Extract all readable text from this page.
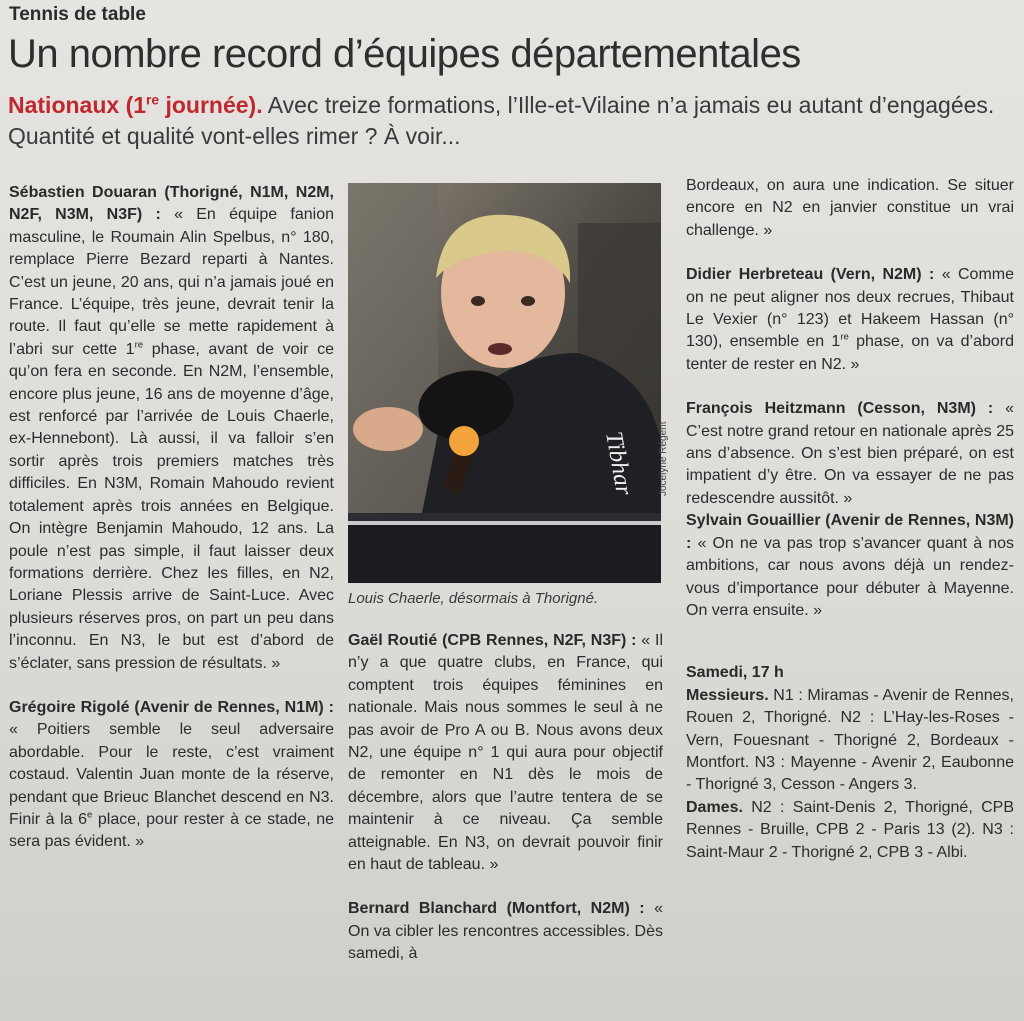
Tennis de table
Un nombre record d’équipes départementales
Nationaux (1re journée). Avec treize formations, l’Ille-et-Vilaine n’a jamais eu autant d’engagées. Quantité et qualité vont-elles rimer ? À voir...

Sébastien Douaran (Thorigné, N1M, N2M, N2F, N3M, N3F) : « En équipe fanion masculine, le Roumain Alin Spelbus, n° 180, remplace Pierre Bezard reparti à Nantes. C’est un jeune, 20 ans, qui n’a jamais joué en France. L’équipe, très jeune, devrait tenir la route. Il faut qu’elle se mette rapidement à l’abri sur cette 1re phase, avant de voir ce qu’on fera en seconde. En N2M, l’ensemble, encore plus jeune, 16 ans de moyenne d’âge, est renforcé par l’arrivée de Louis Chaerle, ex-Hennebont). Là aussi, il va falloir s’en sortir après trois premiers matches très difficiles. En N3M, Romain Mahoudo revient totalement après trois années en Belgique. On intègre Benjamin Mahoudo, 12 ans. La poule n’est pas simple, il faut laisser deux formations derrière. Chez les filles, en N2, Loriane Plessis arrive de Saint-Luce. Avec plusieurs réserves pros, on part un peu dans l’inconnu. En N3, le but est d’abord de s’éclater, sans pression de résultats. »

Grégoire Rigolé (Avenir de Rennes, N1M) : « Poitiers semble le seul adversaire abordable. Pour le reste, c’est vraiment costaud. Valentin Juan monte de la réserve, pendant que Brieuc Blanchet descend en N3. Finir à la 6e place, pour rester à ce stade, ne sera pas évident. »

Tibhar Jocelyne Régent
Louis Chaerle, désormais à Thorigné.

Gaël Routié (CPB Rennes, N2F, N3F) : « Il n’y a que quatre clubs, en France, qui comptent trois équipes féminines en nationale. Mais nous sommes le seul à ne pas avoir de Pro A ou B. Nous avons deux N2, une équipe n° 1 qui aura pour objectif de remonter en N1 dès le mois de décembre, alors que l’autre tentera de se maintenir à ce niveau. Ça semble atteignable. En N3, on devrait pouvoir finir en haut de tableau. »

Bernard Blanchard (Montfort, N2M) : « On va cibler les rencontres accessibles. Dès samedi, à

Bordeaux, on aura une indication. Se situer encore en N2 en janvier constitue un vrai challenge. »

Didier Herbreteau (Vern, N2M) : « Comme on ne peut aligner nos deux recrues, Thibaut Le Vexier (n° 123) et Hakeem Hassan (n° 130), ensemble en 1re phase, on va d’abord tenter de rester en N2. »

François Heitzmann (Cesson, N3M) : « C’est notre grand retour en nationale après 25 ans d’absence. On s’est bien préparé, on est impatient d’y être. On va essayer de ne pas redescendre aussitôt. »

Sylvain Gouaillier (Avenir de Rennes, N3M) : « On ne va pas trop s’avancer quant à nos ambitions, car nous avons déjà un rendez-vous d’importance pour débuter à Mayenne. On verra ensuite. »

Samedi, 17 h

Messieurs. N1 : Miramas - Avenir de Rennes, Rouen 2, Thorigné. N2 : L’Hay-les-Roses - Vern, Fouesnant - Thorigné 2, Bordeaux - Montfort. N3 : Mayenne - Avenir 2, Eaubonne - Thorigné 3, Cesson - Angers 3.

Dames. N2 : Saint-Denis 2, Thorigné, CPB Rennes - Bruille, CPB 2 - Paris 13 (2). N3 : Saint-Maur 2 - Thorigné 2, CPB 3 - Albi.
